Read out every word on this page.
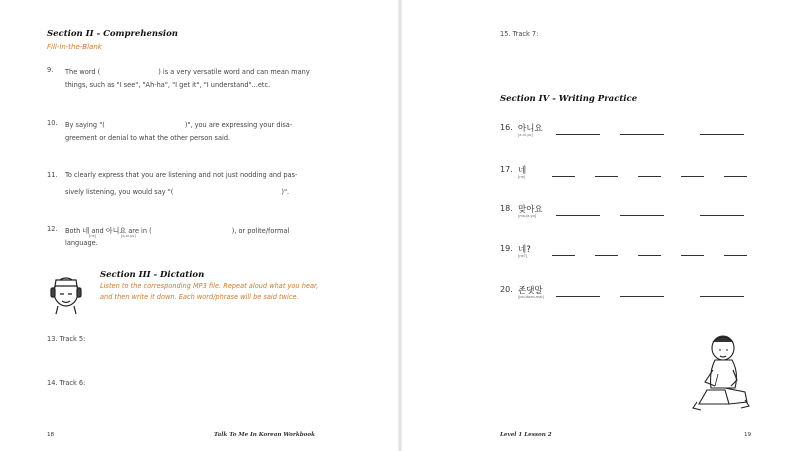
Section II - Comprehension
Fill-in-the-Blank
9. The word (	) is a very versatile word and can mean many
things, such as "I see", "Ah-ha", "I get it", "I understand"...etc.
10. By saying "(	)", you are expressing your disa-
greement or denial to what the other person said.
11. To clearly express that you are listening and not just nodding and pas-
sively listening, you would say "(	)".
12. Both 네 and 아니요 are in (	), or polite/formal
[ne]	[a-ni-yo]
language.
Section III - Dictation
Listen to the corresponding MP3 file. Repeat aloud what you hear, and then write it down. Each word/phrase will be said twice.
13. Track 5:
14. Track 6:
18	Talk To Me In Korean Workbook
15. Track 7:
Section IV - Writing Practice
16. 아니요
[a-ni-yo]
17. 네
[ne]
18. 맞아요
[ma-ja-yo]
19. 네?
[ne?]
20. 존댓말
[jon-daen-mal]
Level 1 Lesson 2	19
